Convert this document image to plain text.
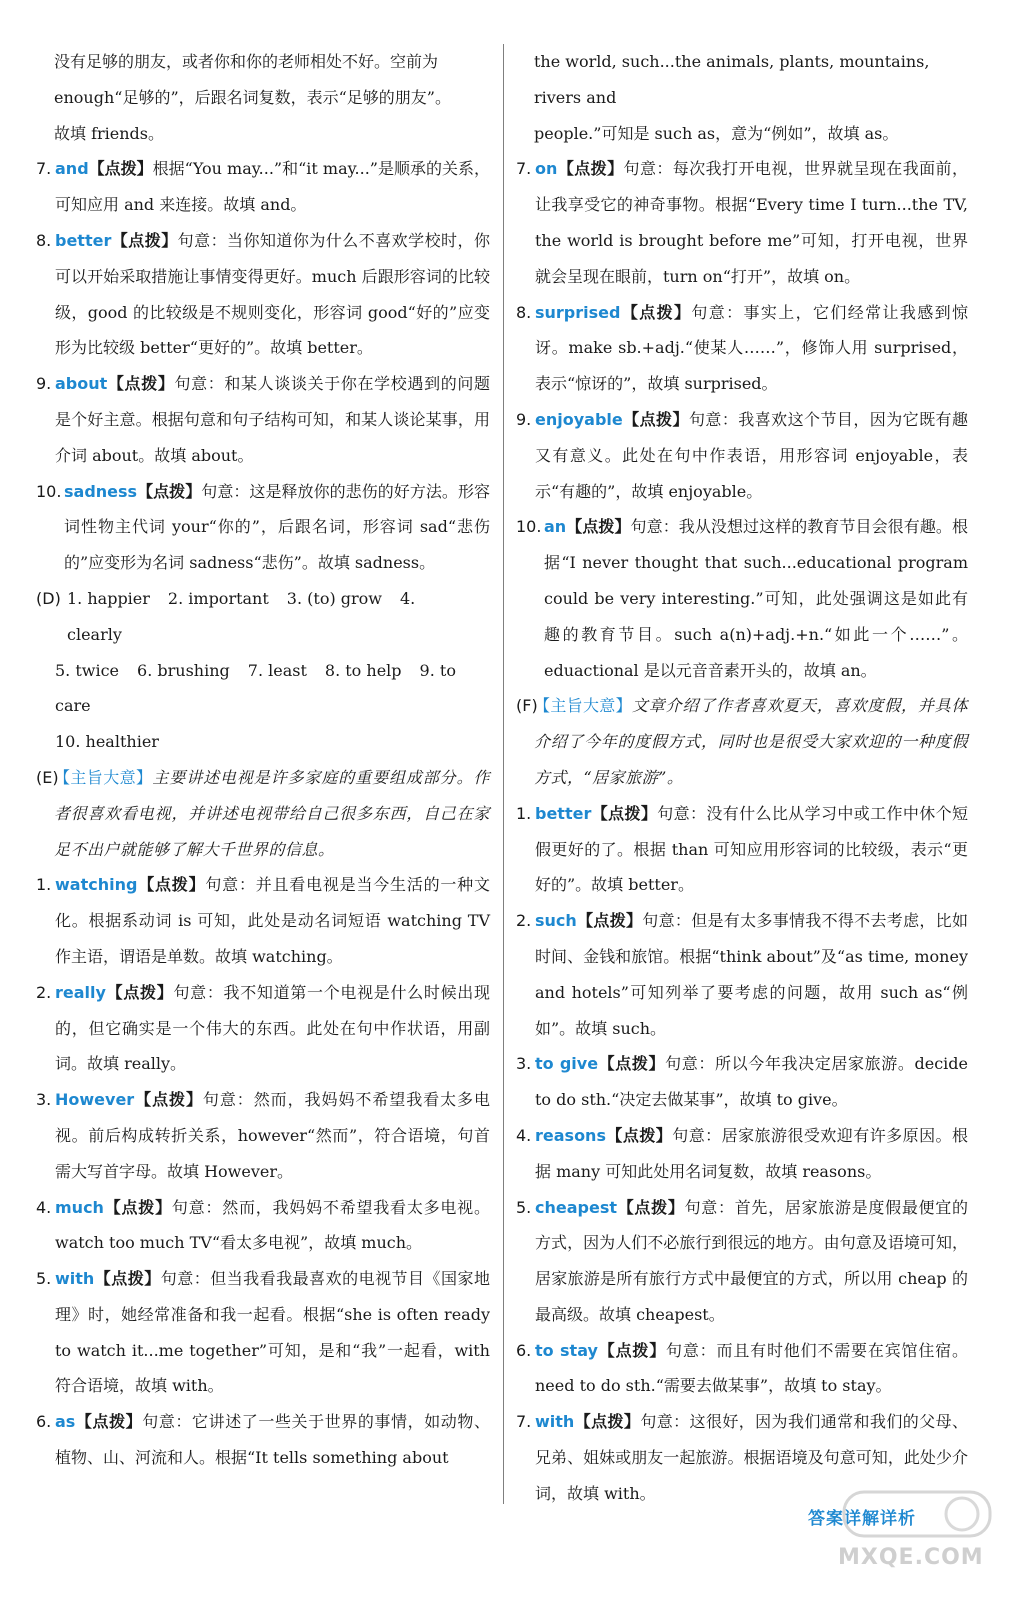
没有足够的朋友，或者你和你的老师相处不好。空前为
enough“足够的”，后跟名词复数，表示“足够的朋友”。
故填 friends。
7. and【点拨】根据“You may...”和“it may...”是顺承的关系，可知应用 and 来连接。故填 and。
8. better【点拨】句意：当你知道你为什么不喜欢学校时，你可以开始采取措施让事情变得更好。much 后跟形容词的比较级，good 的比较级是不规则变化，形容词 good“好的”应变形为比较级 better“更好的”。故填 better。
9. about【点拨】句意：和某人谈谈关于你在学校遇到的问题是个好主意。根据句意和句子结构可知，和某人谈论某事，用介词 about。故填 about。
10. sadness【点拨】句意：这是释放你的悲伤的好方法。形容词性物主代词 your“你的”，后跟名词，形容词 sad“悲伤的”应变形为名词 sadness“悲伤”。故填 sadness。
(D) 1. happier 2. important 3. (to) grow 4. clearly
5. twice 6. brushing 7. least 8. to help 9. to care
10. healthier
(E)
【主旨大意】主要讲述电视是许多家庭的重要组成部分。作者很喜欢看电视，并讲述电视带给自己很多东西，自己在家足不出户就能够了解大千世界的信息。
1. watching【点拨】句意：并且看电视是当今生活的一种文化。根据系动词 is 可知，此处是动名词短语 watching TV 作主语，谓语是单数。故填 watching。
2. really【点拨】句意：我不知道第一个电视是什么时候出现的，但它确实是一个伟大的东西。此处在句中作状语，用副词。故填 really。
3. However【点拨】句意：然而，我妈妈不希望我看太多电视。前后构成转折关系，however“然而”，符合语境，句首需大写首字母。故填 However。
4. much【点拨】句意：然而，我妈妈不希望我看太多电视。watch too much TV“看太多电视”，故填 much。
5. with【点拨】句意：但当我看我最喜欢的电视节目《国家地理》时，她经常准备和我一起看。根据“she is often ready to watch it...me together”可知，是和“我”一起看，with 符合语境，故填 with。
6. as【点拨】句意：它讲述了一些关于世界的事情，如动物、植物、山、河流和人。根据“It tells something about
the world, such...the animals, plants, mountains, rivers and
people.”可知是 such as，意为“例如”，故填 as。
7. on【点拨】句意：每次我打开电视，世界就呈现在我面前，让我享受它的神奇事物。根据“Every time I turn...the TV, the world is brought before me”可知，打开电视，世界就会呈现在眼前，turn on“打开”，故填 on。
8. surprised【点拨】句意：事实上，它们经常让我感到惊讶。make sb.+adj.“使某人……”，修饰人用 surprised，表示“惊讶的”，故填 surprised。
9. enjoyable【点拨】句意：我喜欢这个节目，因为它既有趣又有意义。此处在句中作表语，用形容词 enjoyable，表示“有趣的”，故填 enjoyable。
10. an【点拨】句意：我从没想过这样的教育节目会很有趣。根据“I never thought that such...educational program could be very interesting.”可知，此处强调这是如此有趣的教育节目。such a(n)+adj.+n.“如此一个……”。eduactional 是以元音音素开头的，故填 an。
(F)
【主旨大意】文章介绍了作者喜欢夏天，喜欢度假，并具体介绍了今年的度假方式，同时也是很受大家欢迎的一种度假方式，“居家旅游”。
1. better【点拨】句意：没有什么比从学习中或工作中休个短假更好的了。根据 than 可知应用形容词的比较级，表示“更好的”。故填 better。
2. such【点拨】句意：但是有太多事情我不得不去考虑，比如时间、金钱和旅馆。根据“think about”及“as time, money and hotels”可知列举了要考虑的问题，故用 such as“例如”。故填 such。
3. to give【点拨】句意：所以今年我决定居家旅游。decide to do sth.“决定去做某事”，故填 to give。
4. reasons【点拨】句意：居家旅游很受欢迎有许多原因。根据 many 可知此处用名词复数，故填 reasons。
5. cheapest【点拨】句意：首先，居家旅游是度假最便宜的方式，因为人们不必旅行到很远的地方。由句意及语境可知，居家旅游是所有旅行方式中最便宜的方式，所以用 cheap 的最高级。故填 cheapest。
6. to stay【点拨】句意：而且有时他们不需要在宾馆住宿。need to do sth.“需要去做某事”，故填 to stay。
7. with【点拨】句意：这很好，因为我们通常和我们的父母、兄弟、姐妹或朋友一起旅游。根据语境及句意可知，此处少介词，故填 with。
答案详解详析
MXQE.COM
